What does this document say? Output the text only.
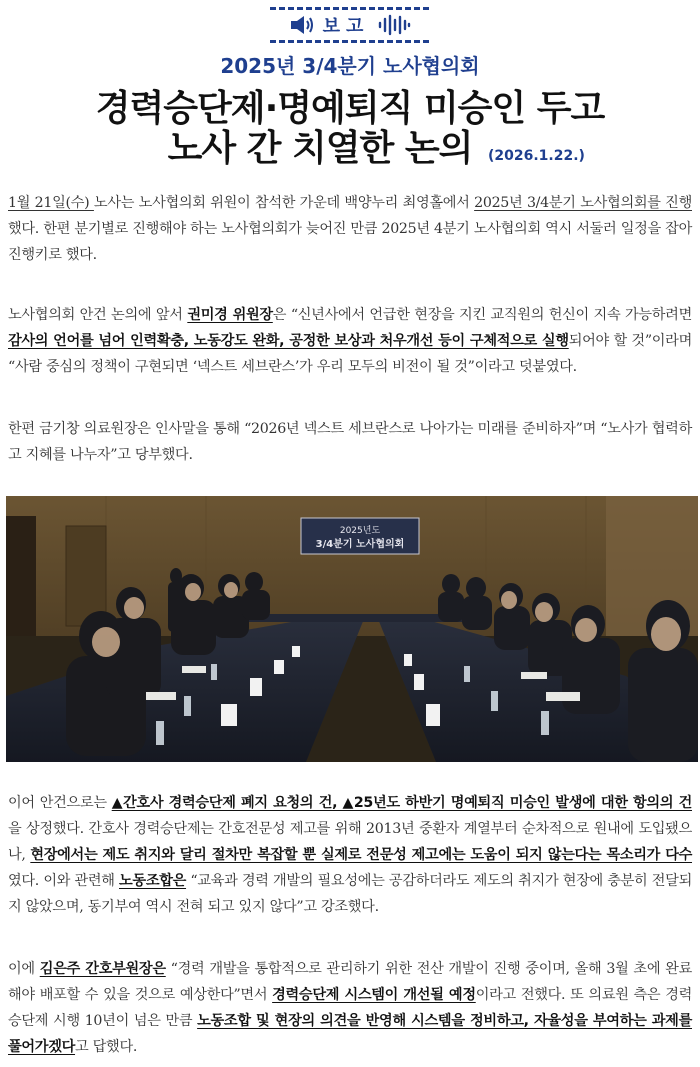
보고
2025년 3/4분기 노사협의회
경력승단제·명예퇴직 미승인 두고
노사 간 치열한 논의	(2026.1.22.)
1월 21일(수) 노사는 노사협의회 위원이 참석한 가운데 백양누리 최영홀에서 2025년 3/4분기 노사협의회를 진행했다. 한편 분기별로 진행해야 하는 노사협의회가 늦어진 만큼 2025년 4분기 노사협의회 역시 서둘러 일정을 잡아 진행키로 했다.
노사협의회 안건 논의에 앞서 권미경 위원장은 “신년사에서 언급한 현장을 지킨 교직원의 헌신이 지속 가능하려면 감사의 언어를 넘어 인력확충, 노동강도 완화, 공정한 보상과 처우개선 등이 구체적으로 실행되어야 할 것”이라며 “사람 중심의 정책이 구현되면 ‘넥스트 세브란스’가 우리 모두의 비전이 될 것”이라고 덧붙였다.
한편 금기창 의료원장은 인사말을 통해 “2026년 넥스트 세브란스로 나아가는 미래를 준비하자”며 “노사가 협력하고 지혜를 나누자”고 당부했다.
2025년도
3/4분기 노사협의회
이어 안건으로는 ▲간호사 경력승단제 폐지 요청의 건, ▲25년도 하반기 명예퇴직 미승인 발생에 대한 항의의 건을 상정했다. 간호사 경력승단제는 간호전문성 제고를 위해 2013년 중환자 계열부터 순차적으로 원내에 도입됐으나, 현장에서는 제도 취지와 달리 절차만 복잡할 뿐 실제로 전문성 제고에는 도움이 되지 않는다는 목소리가 다수였다. 이와 관련해 노동조합은 “교육과 경력 개발의 필요성에는 공감하더라도 제도의 취지가 현장에 충분히 전달되지 않았으며, 동기부여 역시 전혀 되고 있지 않다”고 강조했다.
이에 김은주 간호부원장은 “경력 개발을 통합적으로 관리하기 위한 전산 개발이 진행 중이며, 올해 3월 초에 완료해야 배포할 수 있을 것으로 예상한다”면서 경력승단제 시스템이 개선될 예정이라고 전했다. 또 의료원 측은 경력승단제 시행 10년이 넘은 만큼 노동조합 및 현장의 의견을 반영해 시스템을 정비하고, 자율성을 부여하는 과제를 풀어가겠다고 답했다.
